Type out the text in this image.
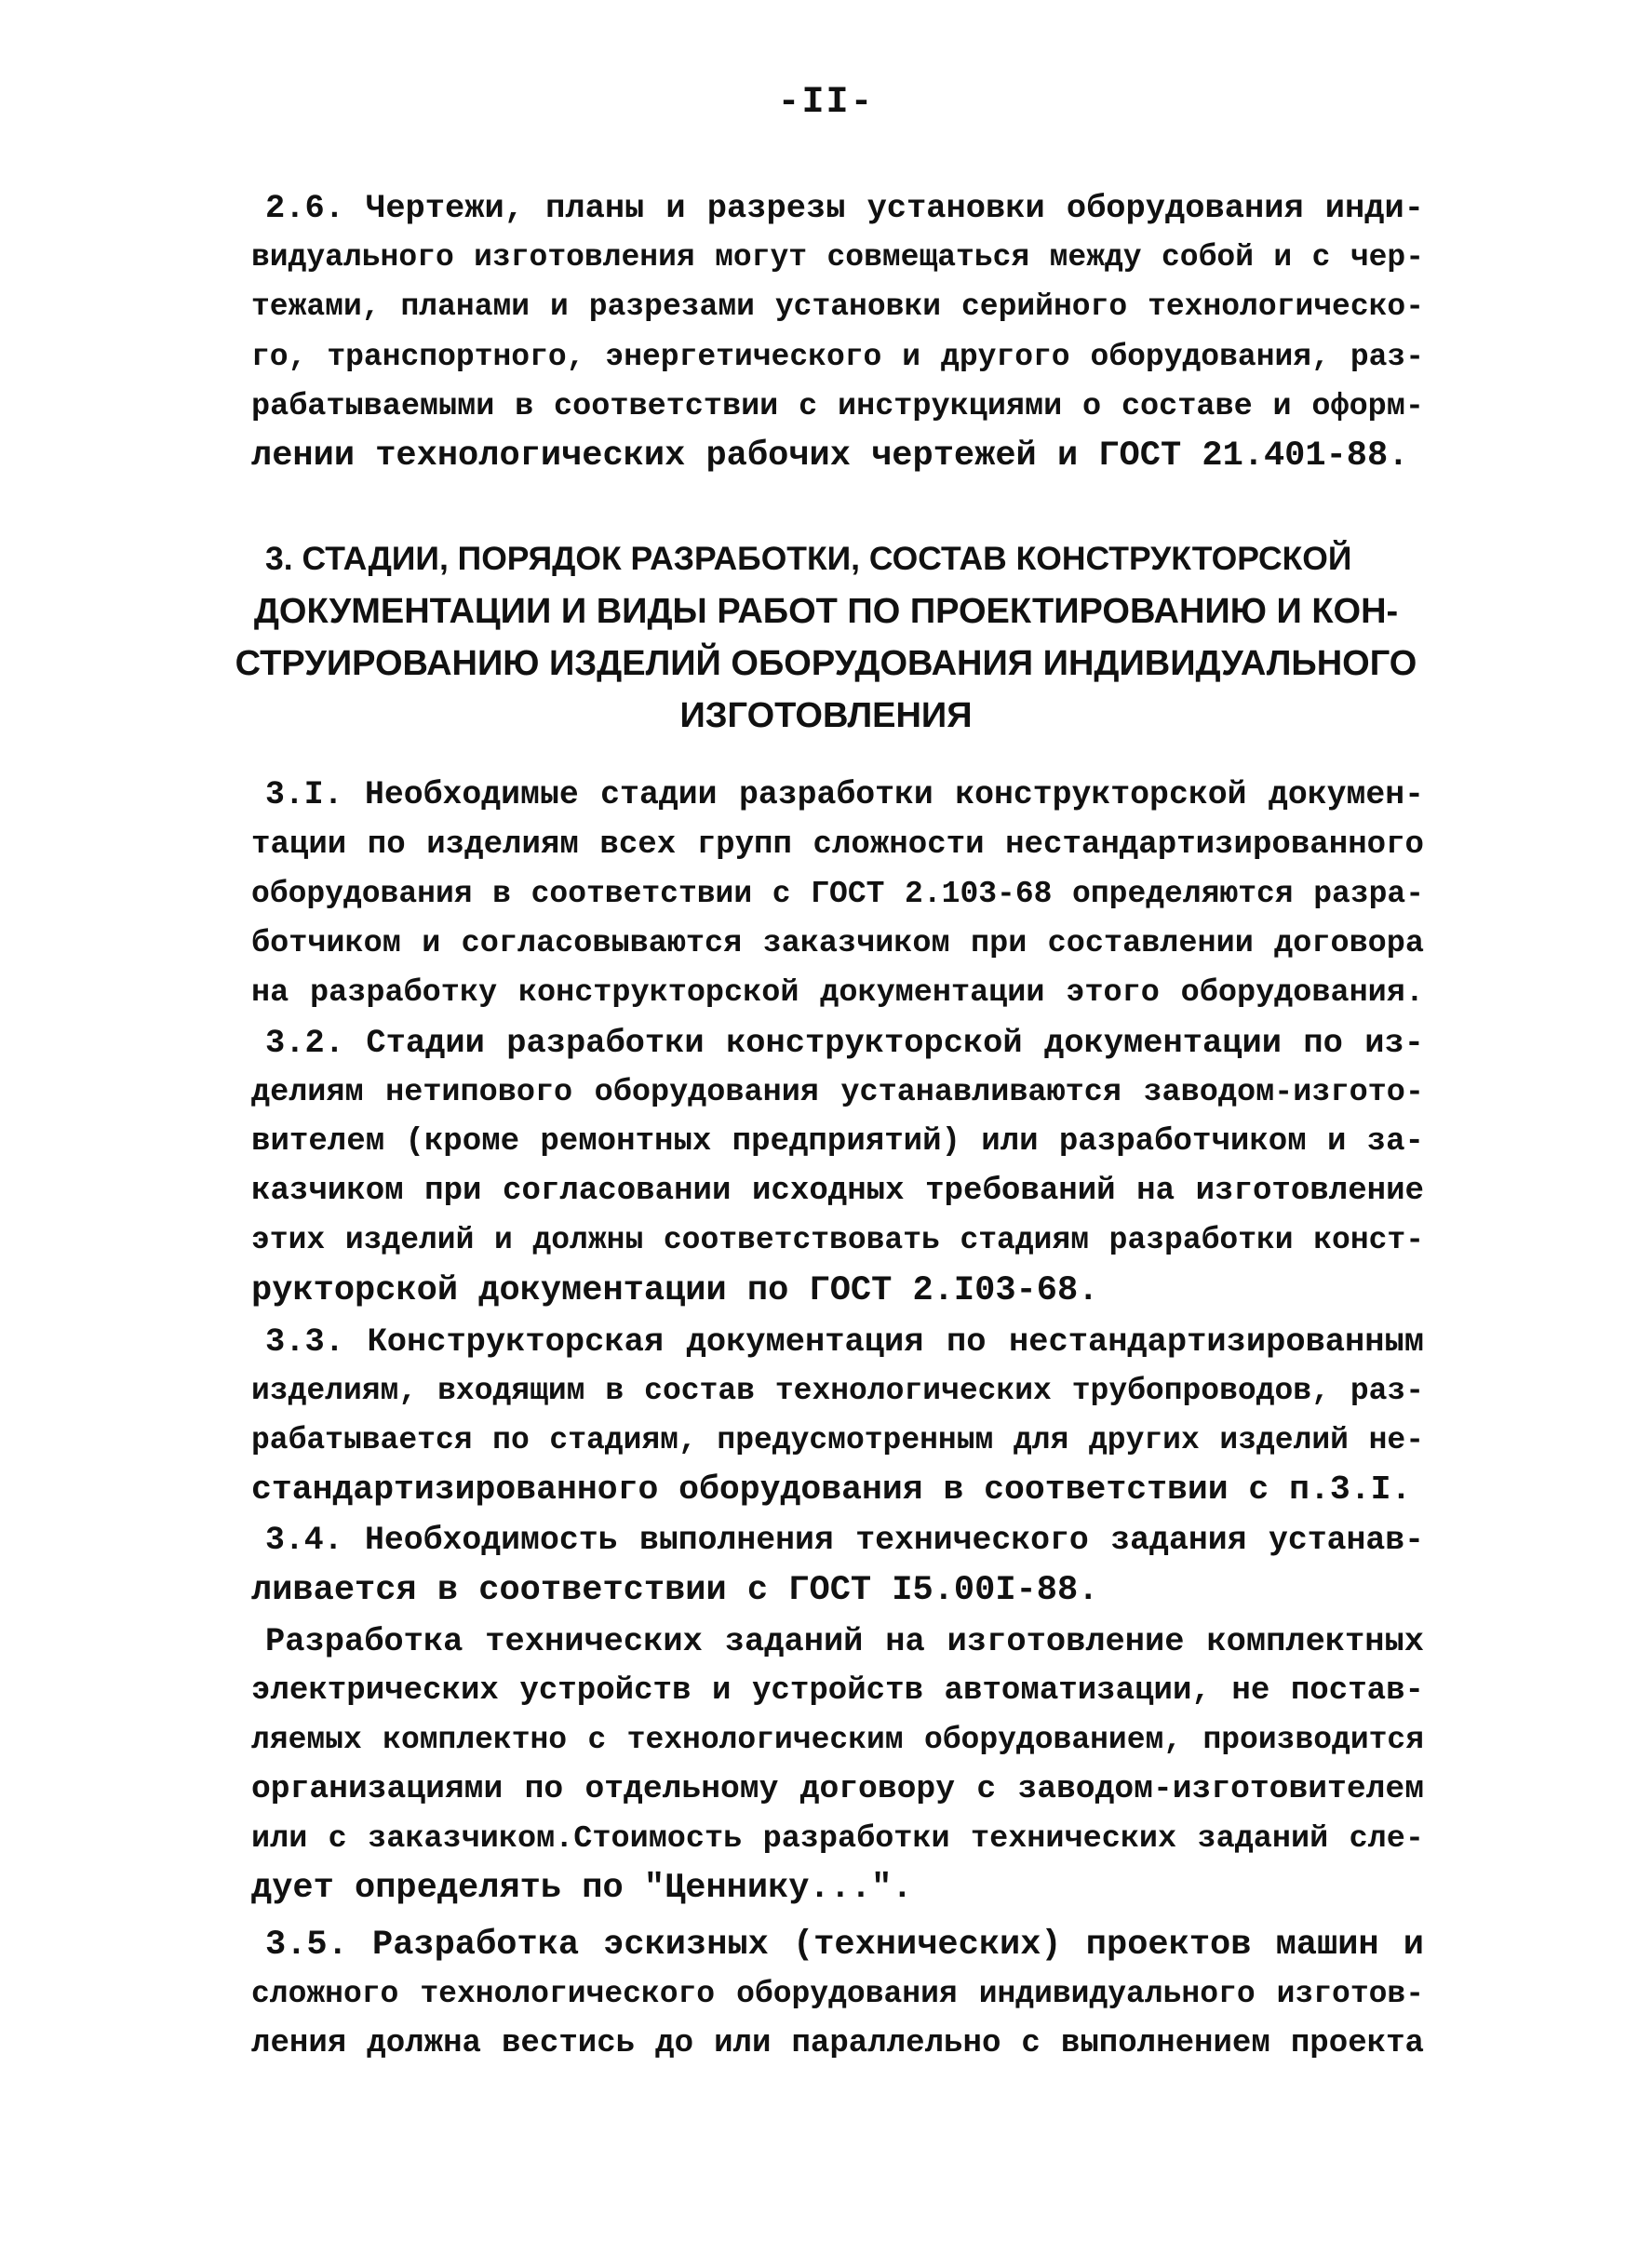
-II-
2.6. Чертежи, планы и разрезы установки оборудования инди-
видуального изготовления могут совмещаться между собой и с чер-
тежами, планами и разрезами установки серийного технологическо-
го, транспортного, энергетического и другого оборудования, раз-
рабатываемыми в соответствии с инструкциями о составе и оформ-
лении технологических рабочих чертежей и ГОСТ 21.401-88.
3. СТАДИИ, ПОРЯДОК РАЗРАБОТКИ, СОСТАВ КОНСТРУКТОРСКОЙ
ДОКУМЕНТАЦИИ И ВИДЫ РАБОТ ПО ПРОЕКТИРОВАНИЮ И КОН-
СТРУИРОВАНИЮ ИЗДЕЛИЙ ОБОРУДОВАНИЯ ИНДИВИДУАЛЬНОГО
ИЗГОТОВЛЕНИЯ
3.I. Необходимые стадии разработки конструкторской докумен-
тации по изделиям всех групп сложности нестандартизированного
оборудования в соответствии с ГОСТ 2.103-68 определяются разра-
ботчиком и согласовываются заказчиком при составлении договора
на разработку конструкторской документации этого оборудования.
3.2. Стадии разработки конструкторской документации по из-
делиям нетипового оборудования устанавливаются заводом-изгото-
вителем (кроме ремонтных предприятий) или разработчиком и за-
казчиком при согласовании исходных требований на изготовление
этих изделий и должны соответствовать стадиям разработки конст-
рукторской документации по ГОСТ 2.I03-68.
3.3. Конструкторская документация по нестандартизированным
изделиям, входящим в состав технологических трубопроводов, раз-
рабатывается по стадиям, предусмотренным для других изделий не-
стандартизированного оборудования в соответствии с п.3.I.
3.4. Необходимость выполнения технического задания устанав-
ливается в соответствии с ГОСТ I5.00I-88.
Разработка технических заданий на изготовление комплектных
электрических устройств и устройств автоматизации, не постав-
ляемых комплектно с технологическим оборудованием, производится
организациями по отдельному договору с заводом-изготовителем
или с заказчиком.Стоимость разработки технических заданий сле-
дует определять по "Ценнику...".
3.5. Разработка эскизных (технических) проектов машин и
сложного технологического оборудования индивидуального изготов-
ления должна вестись до или параллельно с выполнением проекта
